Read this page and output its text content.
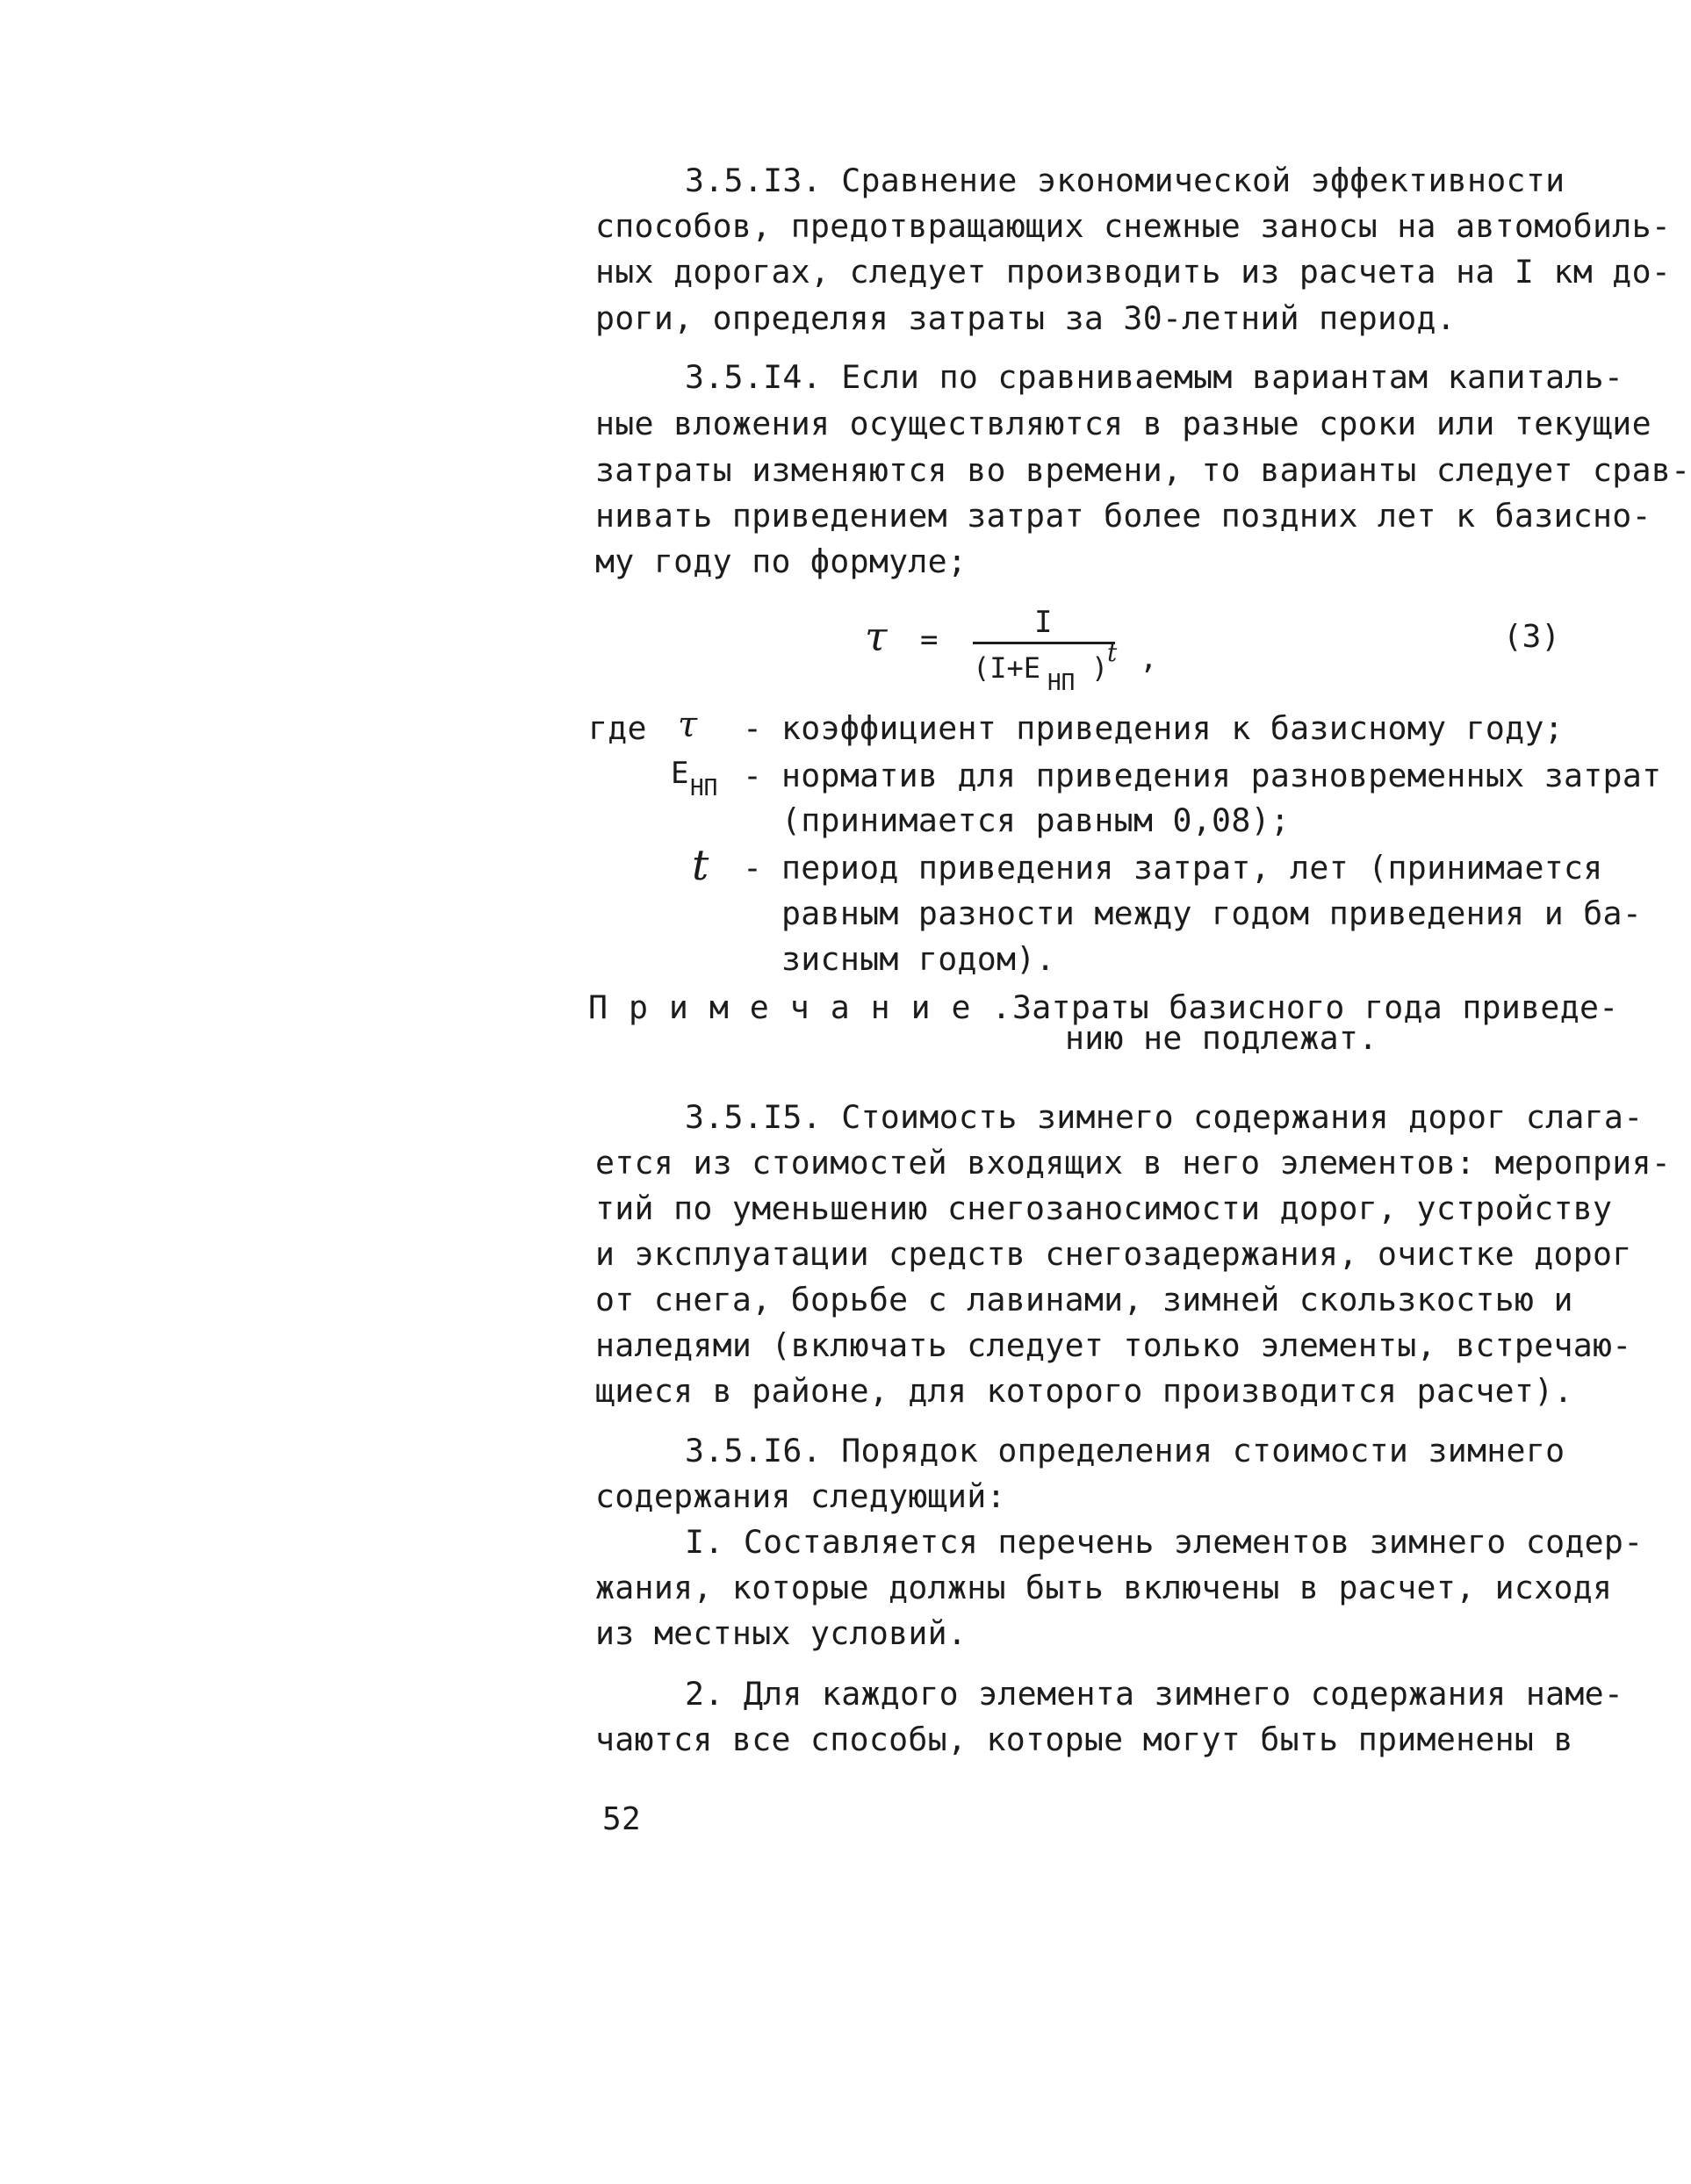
3.5.I3. Сравнение экономической эффективности
способов, предотвращающих снежные заносы на автомобиль-
ных дорогах, следует производить из расчета на I км до-
роги, определяя затраты за 30-летний период.
3.5.I4. Если по сравниваемым вариантам капиталь-
ные вложения осуществляются в разные сроки или текущие
затраты изменяются во времени, то варианты следует срав-
нивать приведением затрат более поздних лет к базисно-
му году по формуле;
τ =	I
(I+E НП )
t ,
(3)
где τ - коэффициент приведения к базисному году;
E НП - норматив для приведения разновременных затрат
(принимается равным 0,08);
t - период приведения затрат, лет (принимается
равным разности между годом приведения и ба-
зисным годом).
П р и м е ч а н и е . Затраты базисного года приведе-
нию не подлежат.
3.5.I5. Стоимость зимнего содержания дорог слага-
ется из стоимостей входящих в него элементов: мероприя-
тий по уменьшению снегозаносимости дорог, устройству
и эксплуатации средств снегозадержания, очистке дорог
от снега, борьбе с лавинами, зимней скользкостью и
наледями (включать следует только элементы, встречаю-
щиеся в районе, для которого производится расчет).
3.5.I6. Порядок определения стоимости зимнего
содержания следующий:
I. Составляется перечень элементов зимнего содер-
жания, которые должны быть включены в расчет, исходя
из местных условий.
2. Для каждого элемента зимнего содержания наме-
чаются все способы, которые могут быть применены в
52
